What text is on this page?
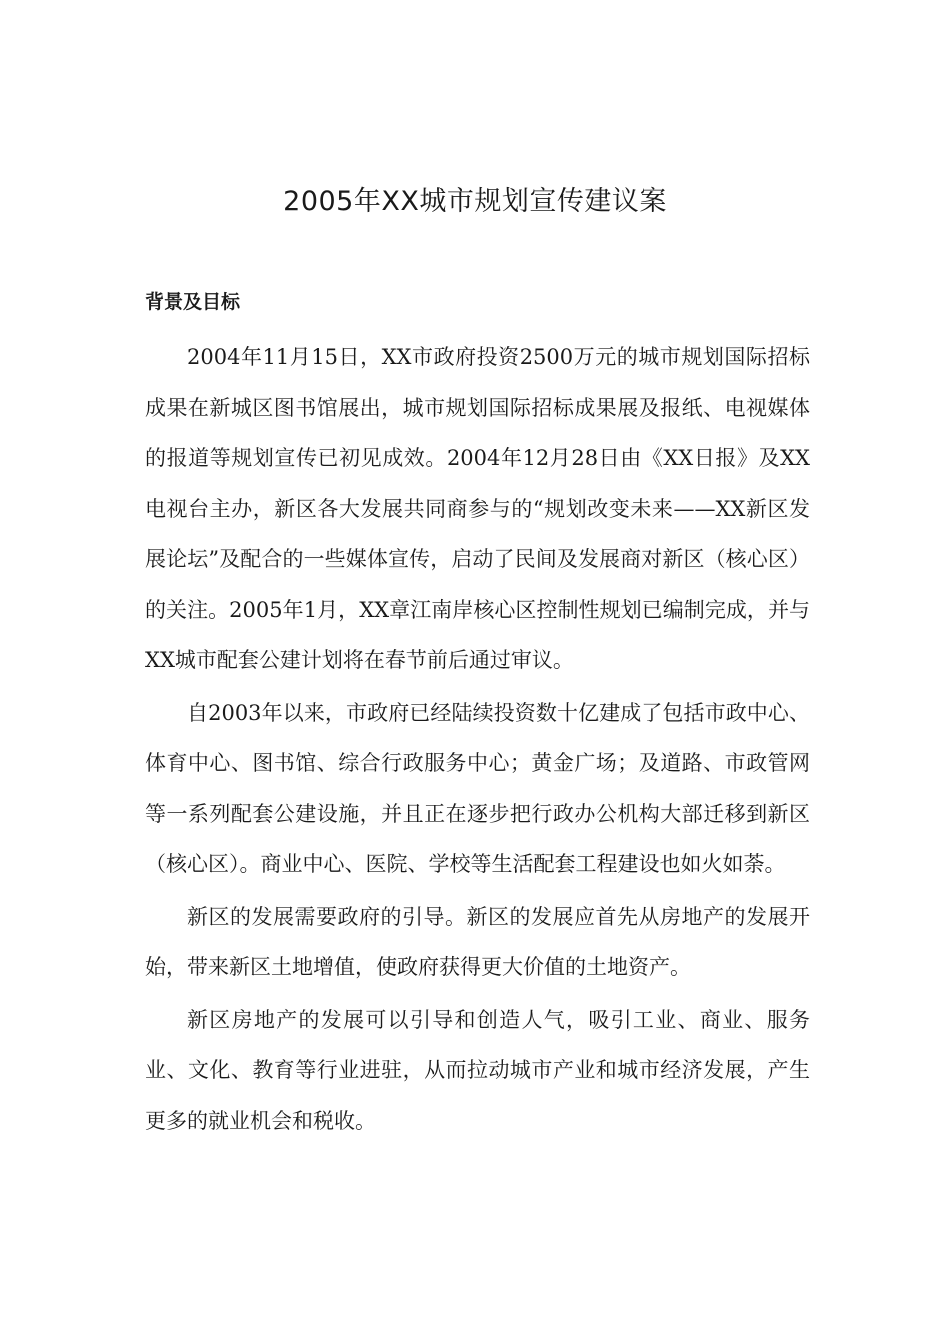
2005年XX城市规划宣传建议案
背景及目标

2004年11月15日，XX市政府投资2500万元的城市规划国际招标成果在新城区图书馆展出，城市规划国际招标成果展及报纸、电视媒体的报道等规划宣传已初见成效。2004年12月28日由《XX日报》及XX电视台主办，新区各大发展共同商参与的“规划改变未来——XX新区发展论坛”及配合的一些媒体宣传，启动了民间及发展商对新区（核心区）的关注。2005年1月，XX章江南岸核心区控制性规划已编制完成，并与XX城市配套公建计划将在春节前后通过审议。

自2003年以来，市政府已经陆续投资数十亿建成了包括市政中心、体育中心、图书馆、综合行政服务中心；黄金广场；及道路、市政管网等一系列配套公建设施，并且正在逐步把行政办公机构大部迁移到新区（核心区）。商业中心、医院、学校等生活配套工程建设也如火如荼。

新区的发展需要政府的引导。新区的发展应首先从房地产的发展开始，带来新区土地增值，使政府获得更大价值的土地资产。

新区房地产的发展可以引导和创造人气，吸引工业、商业、服务业、文化、教育等行业进驻，从而拉动城市产业和城市经济发展，产生更多的就业机会和税收。
